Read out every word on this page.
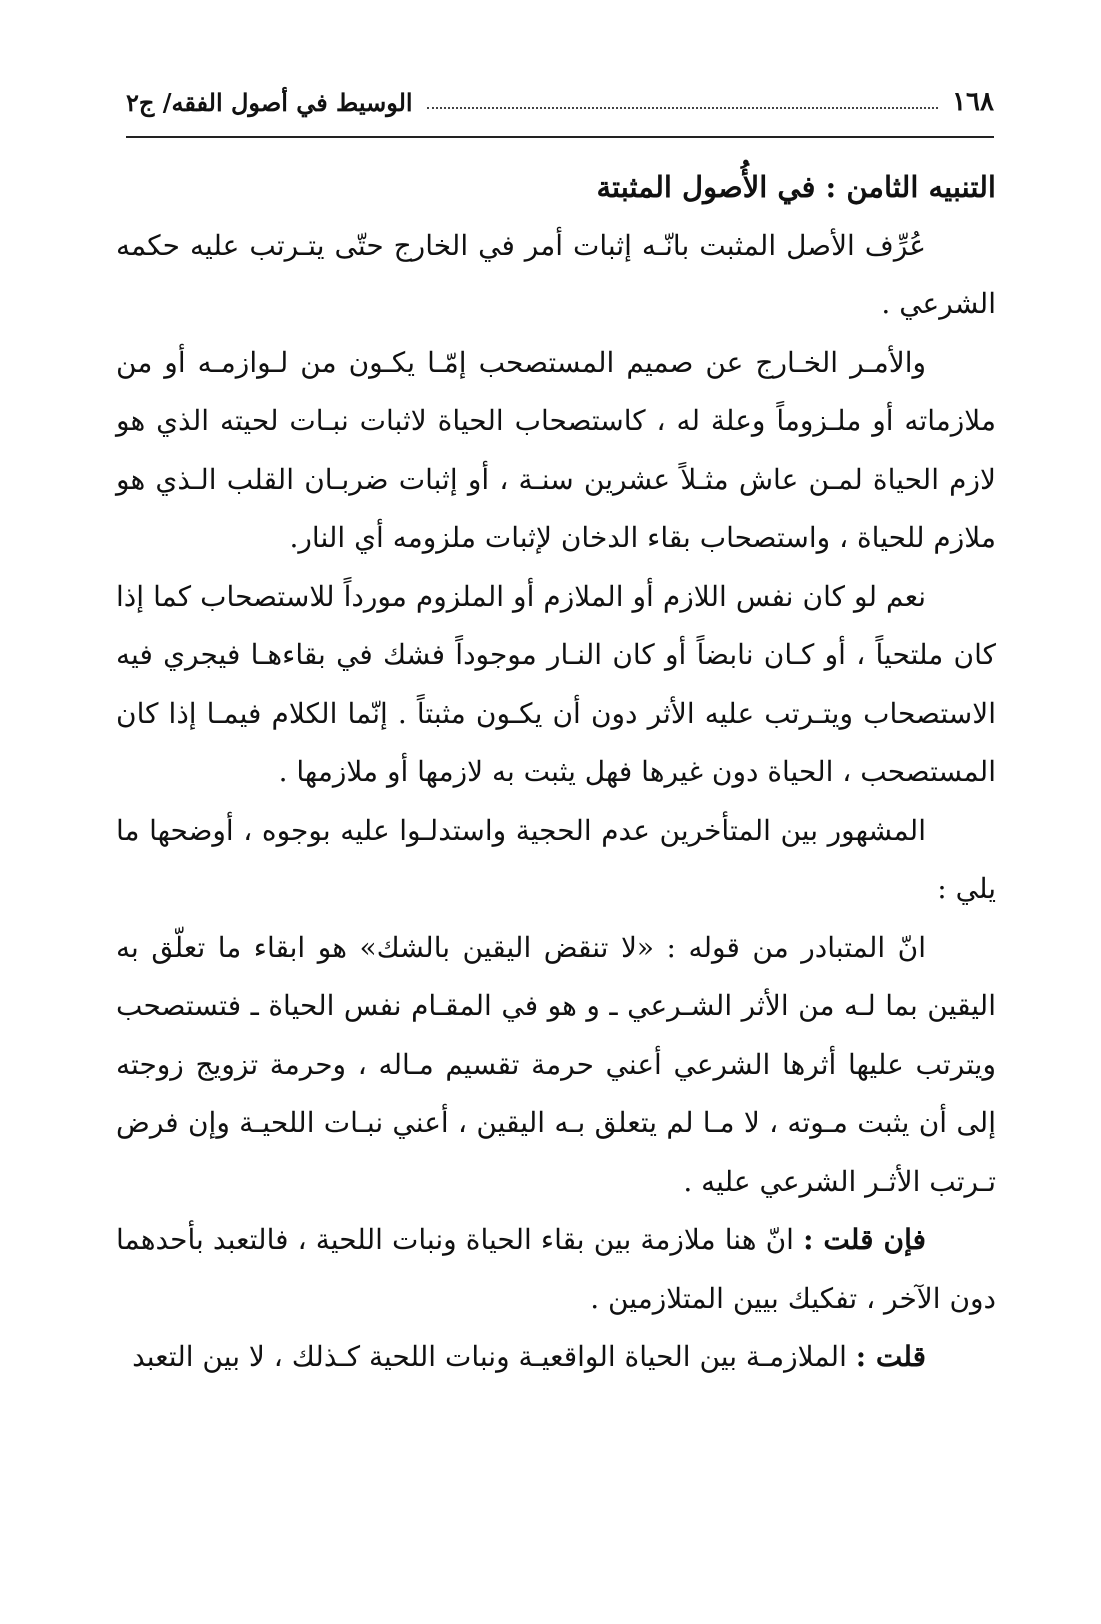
١٦٨
الوسيط في أصول الفقه/ ج٢

التنبيه الثامن : في الأُصول المثبتة

عُرِّف الأصل المثبت بانّـه إثبات أمر في الخارج حتّى يتـرتب عليه حكمه الشرعي .

والأمـر الخـارج عن صميم المستصحب إمّـا يكـون من لـوازمـه أو من ملازماته أو ملـزوماً وعلة له ، كاستصحاب الحياة لاثبات نبـات لحيته الذي هو لازم الحياة لمـن عاش مثـلاً عشرين سنـة ، أو إثبات ضربـان القلب الـذي هو ملازم للحياة ، واستصحاب بقاء الدخان لإثبات ملزومه أي النار.

نعم لو كان نفس اللازم أو الملازم أو الملزوم مورداً للاستصحاب كما إذا كان ملتحياً ، أو كـان نابضاً أو كان النـار موجوداً فشك في بقاءهـا فيجري فيه الاستصحاب ويتـرتب عليه الأثر دون أن يكـون مثبتاً . إنّما الكلام فيمـا إذا كان المستصحب ، الحياة دون غيرها فهل يثبت به لازمها أو ملازمها .

المشهور بين المتأخرين عدم الحجية واستدلـوا عليه بوجوه ، أوضحها ما يلي :

انّ المتبادر من قوله : «لا تنقض اليقين بالشك» هو ابقاء ما تعلّق به اليقين بما لـه من الأثر الشـرعي ـ و هو في المقـام نفس الحياة ـ فتستصحب ويترتب عليها أثرها الشرعي أعني حرمة تقسيم مـاله ، وحرمة تزويج زوجته إلى أن يثبت مـوته ، لا مـا لم يتعلق بـه اليقين ، أعني نبـات اللحيـة وإن فرض تـرتب الأثـر الشرعي عليه .

فإن قلت : انّ هنا ملازمة بين بقاء الحياة ونبات اللحية ، فالتعبد بأحدهما دون الآخر ، تفكيك بيين المتلازمين .

قلت : الملازمـة بين الحياة الواقعيـة ونبات اللحية كـذلك ، لا بين التعبد
